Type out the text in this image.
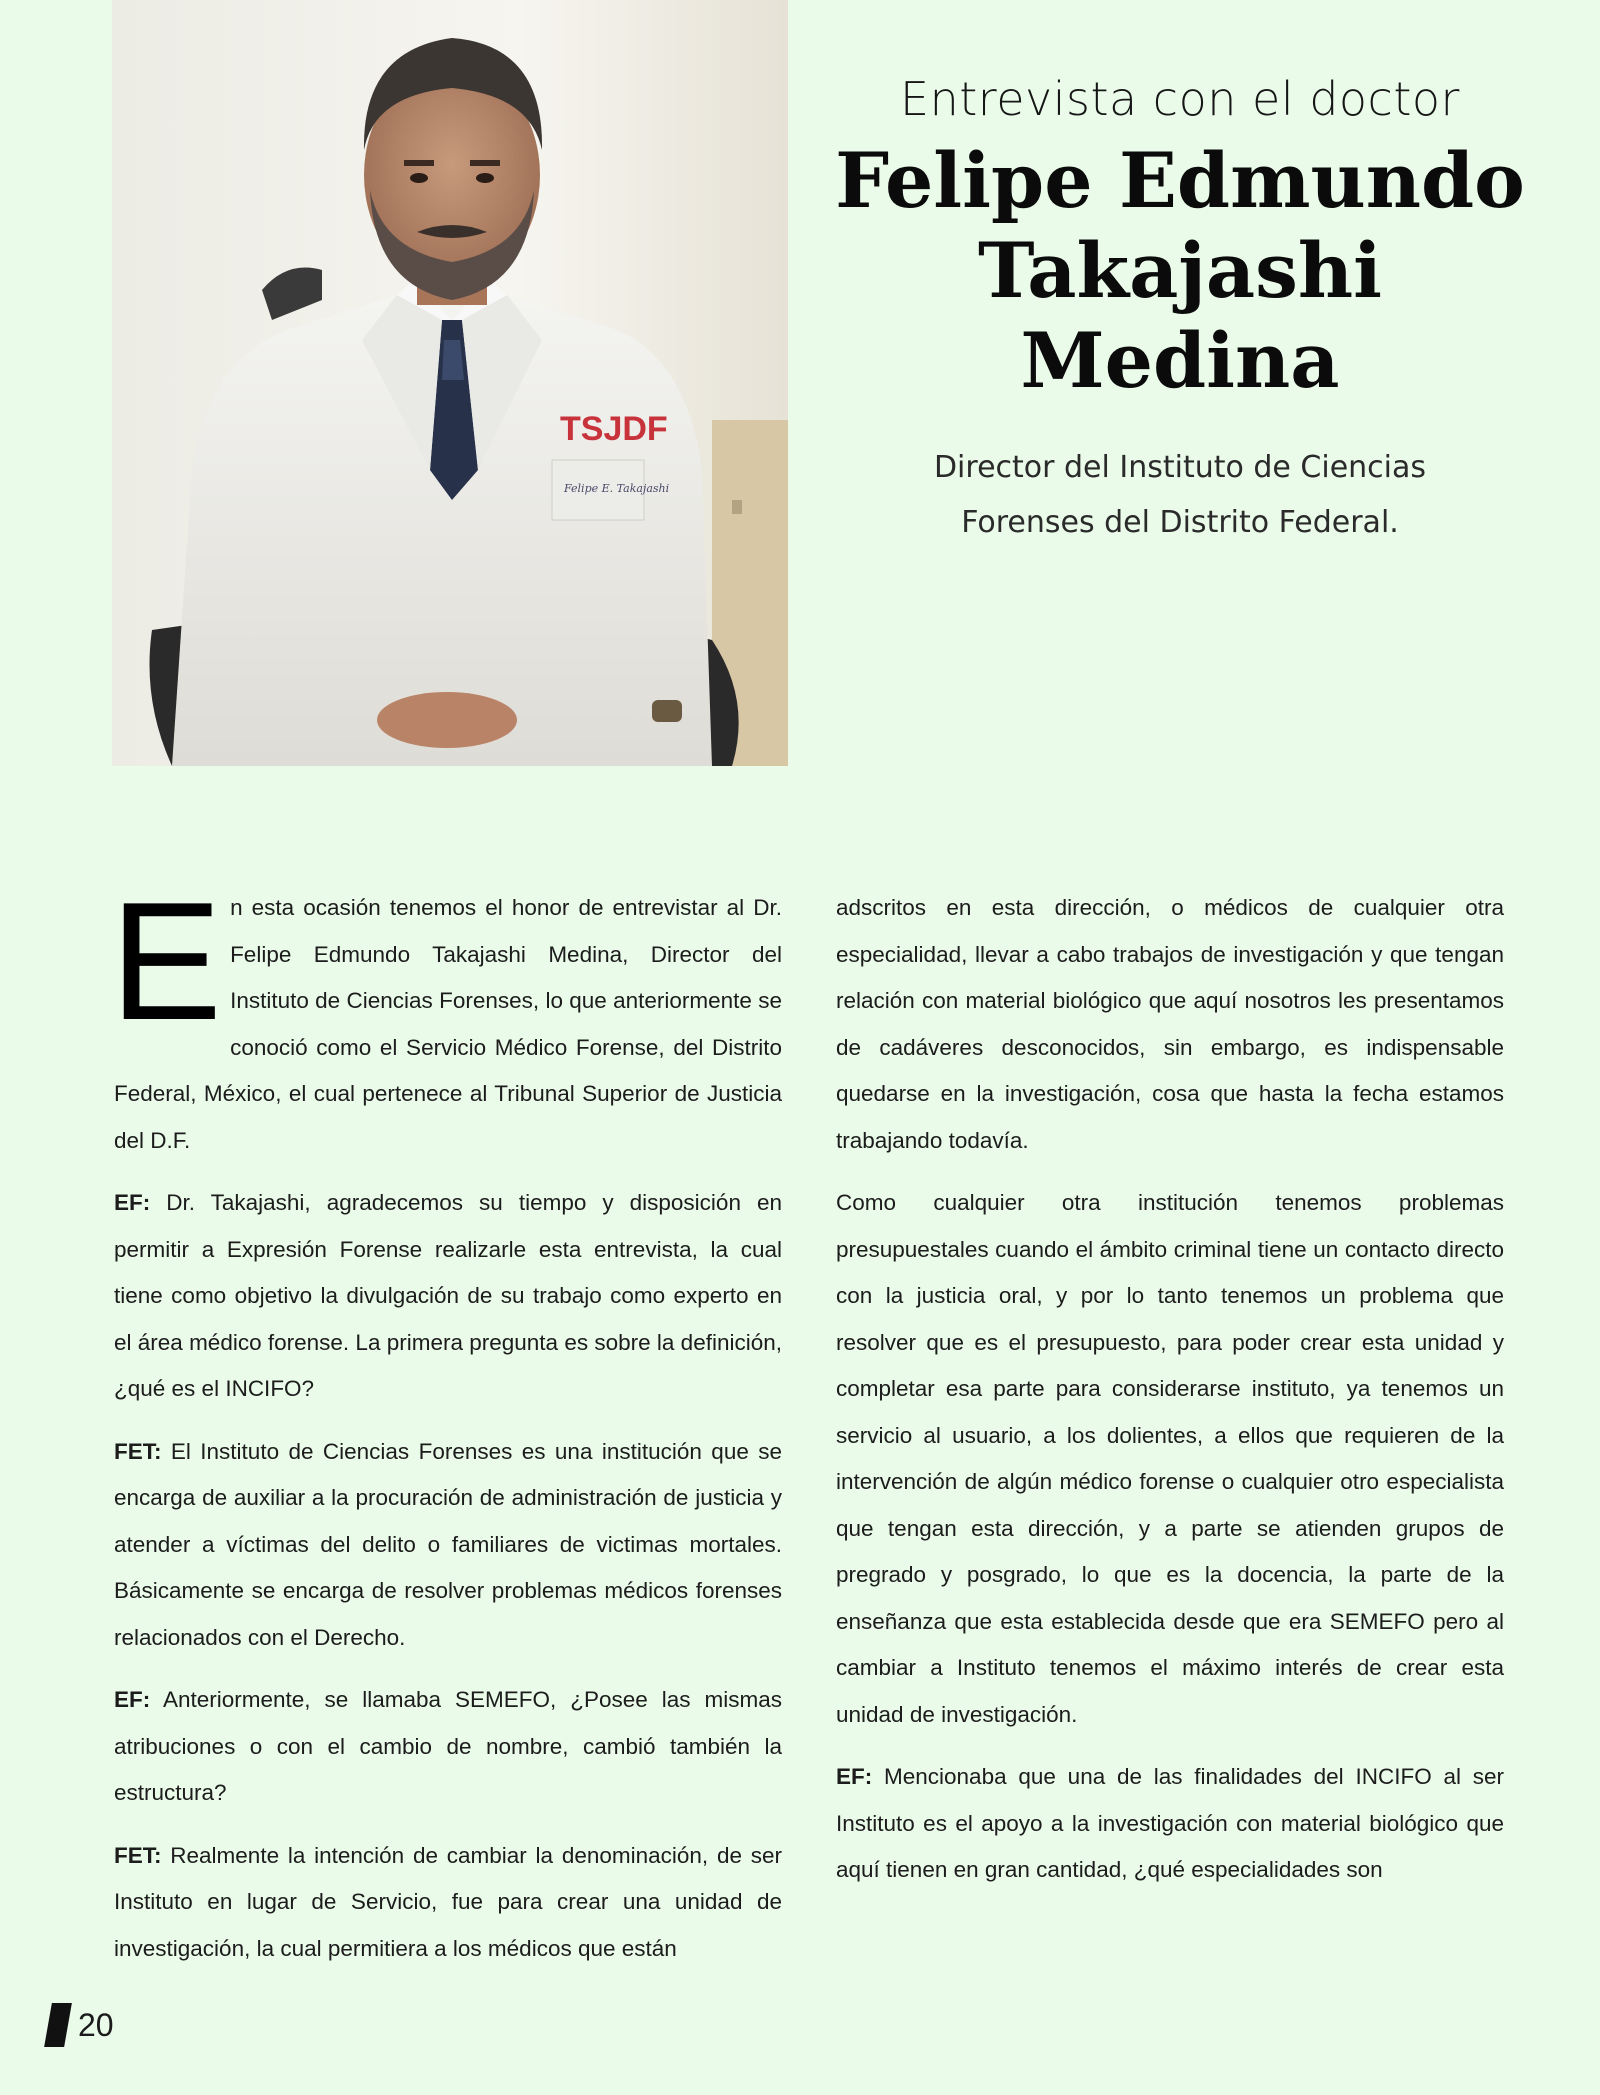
TSJDF
Felipe E. Takajashi

Entrevista con el doctor

Felipe Edmundo
Takajashi Medina
Director del Instituto de Ciencias
Forenses del Distrito Federal.

En esta ocasión tenemos el honor de entrevistar al Dr. Felipe Edmundo Takajashi Medina, Director del Instituto de Ciencias Forenses, lo que anteriormente se conoció como el Servicio Médico Forense, del Distrito Federal, México, el cual pertenece al Tribunal Superior de Justicia del D.F.

EF: Dr. Takajashi, agradecemos su tiempo y disposición en permitir a Expresión Forense realizarle esta entrevista, la cual tiene como objetivo la divulgación de su trabajo como experto en el área médico forense. La primera pregunta es sobre la definición, ¿qué es el INCIFO?

FET: El Instituto de Ciencias Forenses es una institución que se encarga de auxiliar a la procuración de administración de justicia y atender a víctimas del delito o familiares de victimas mortales. Básicamente se encarga de resolver problemas médicos forenses relacionados con el Derecho.

EF: Anteriormente, se llamaba SEMEFO, ¿Posee las mismas atribuciones o con el cambio de nombre, cambió también la estructura?

FET: Realmente la intención de cambiar la denominación, de ser Instituto en lugar de Servicio, fue para crear una unidad de investigación, la cual permitiera a los médicos que están

adscritos en esta dirección, o médicos de cualquier otra especialidad, llevar a cabo trabajos de investigación y que tengan relación con material biológico que aquí nosotros les presentamos de cadáveres desconocidos, sin embargo, es indispensable quedarse en la investigación, cosa que hasta la fecha estamos trabajando todavía.

Como cualquier otra institución tenemos problemas presupuestales cuando el ámbito criminal tiene un contacto directo con la justicia oral, y por lo tanto tenemos un problema que resolver que es el presupuesto, para poder crear esta unidad y completar esa parte para considerarse instituto, ya tenemos un servicio al usuario, a los dolientes, a ellos que requieren de la intervención de algún médico forense o cualquier otro especialista que tengan esta dirección, y a parte se atienden grupos de pregrado y posgrado, lo que es la docencia, la parte de la enseñanza que esta establecida desde que era SEMEFO pero al cambiar a Instituto tenemos el máximo interés de crear esta unidad de investigación.

EF: Mencionaba que una de las finalidades del INCIFO al ser Instituto es el apoyo a la investigación con material biológico que aquí tienen en gran cantidad, ¿qué especialidades son

20
